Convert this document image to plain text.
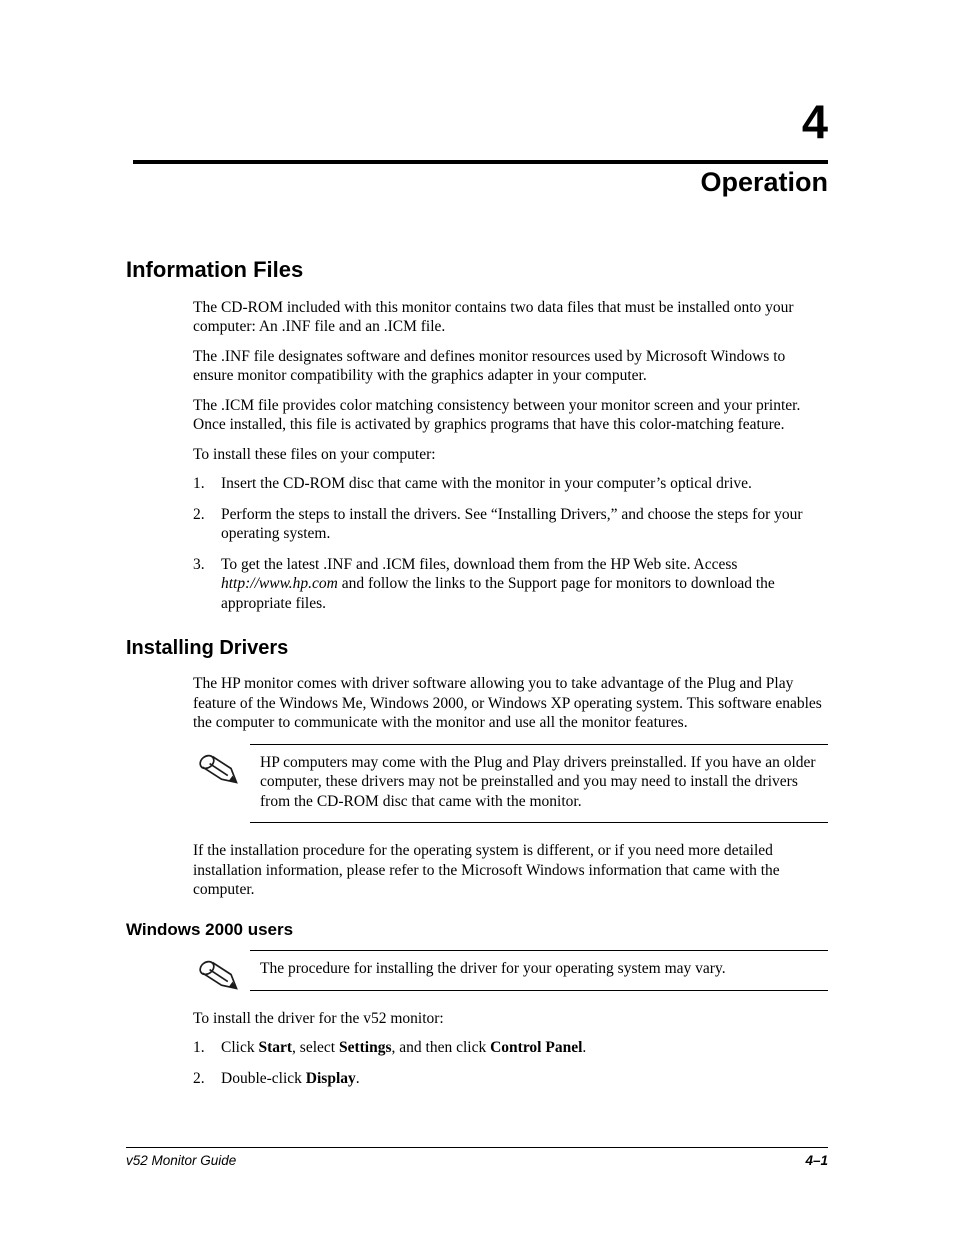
4
Operation
Information Files

The CD-ROM included with this monitor contains two data files that must be installed onto your computer: An .INF file and an .ICM file.

The .INF file designates software and defines monitor resources used by Microsoft Windows to ensure monitor compatibility with the graphics adapter in your computer.

The .ICM file provides color matching consistency between your monitor screen and your printer. Once installed, this file is activated by graphics programs that have this color-matching feature.

To install these files on your computer:

1.	Insert the CD-ROM disc that came with the monitor in your computer’s optical drive.
2.	Perform the steps to install the drivers. See “Installing Drivers,” and choose the steps for your operating system.
3.	To get the latest .INF and .ICM files, download them from the HP Web site. Access http://www.hp.com and follow the links to the Support page for monitors to download the appropriate files.
Installing Drivers

The HP monitor comes with driver software allowing you to take advantage of the Plug and Play feature of the Windows Me, Windows 2000, or Windows XP operating system. This software enables the computer to communicate with the monitor and use all the monitor features.

HP computers may come with the Plug and Play drivers preinstalled. If you have an older computer, these drivers may not be preinstalled and you may need to install the drivers from the CD-ROM disc that came with the monitor.

If the installation procedure for the operating system is different, or if you need more detailed installation information, please refer to the Microsoft Windows information that came with the computer.

Windows 2000 users

The procedure for installing the driver for your operating system may vary.

To install the driver for the v52 monitor:

1.	Click Start, select Settings, and then click Control Panel.
2.	Double-click Display.
v52 Monitor Guide	4–1
